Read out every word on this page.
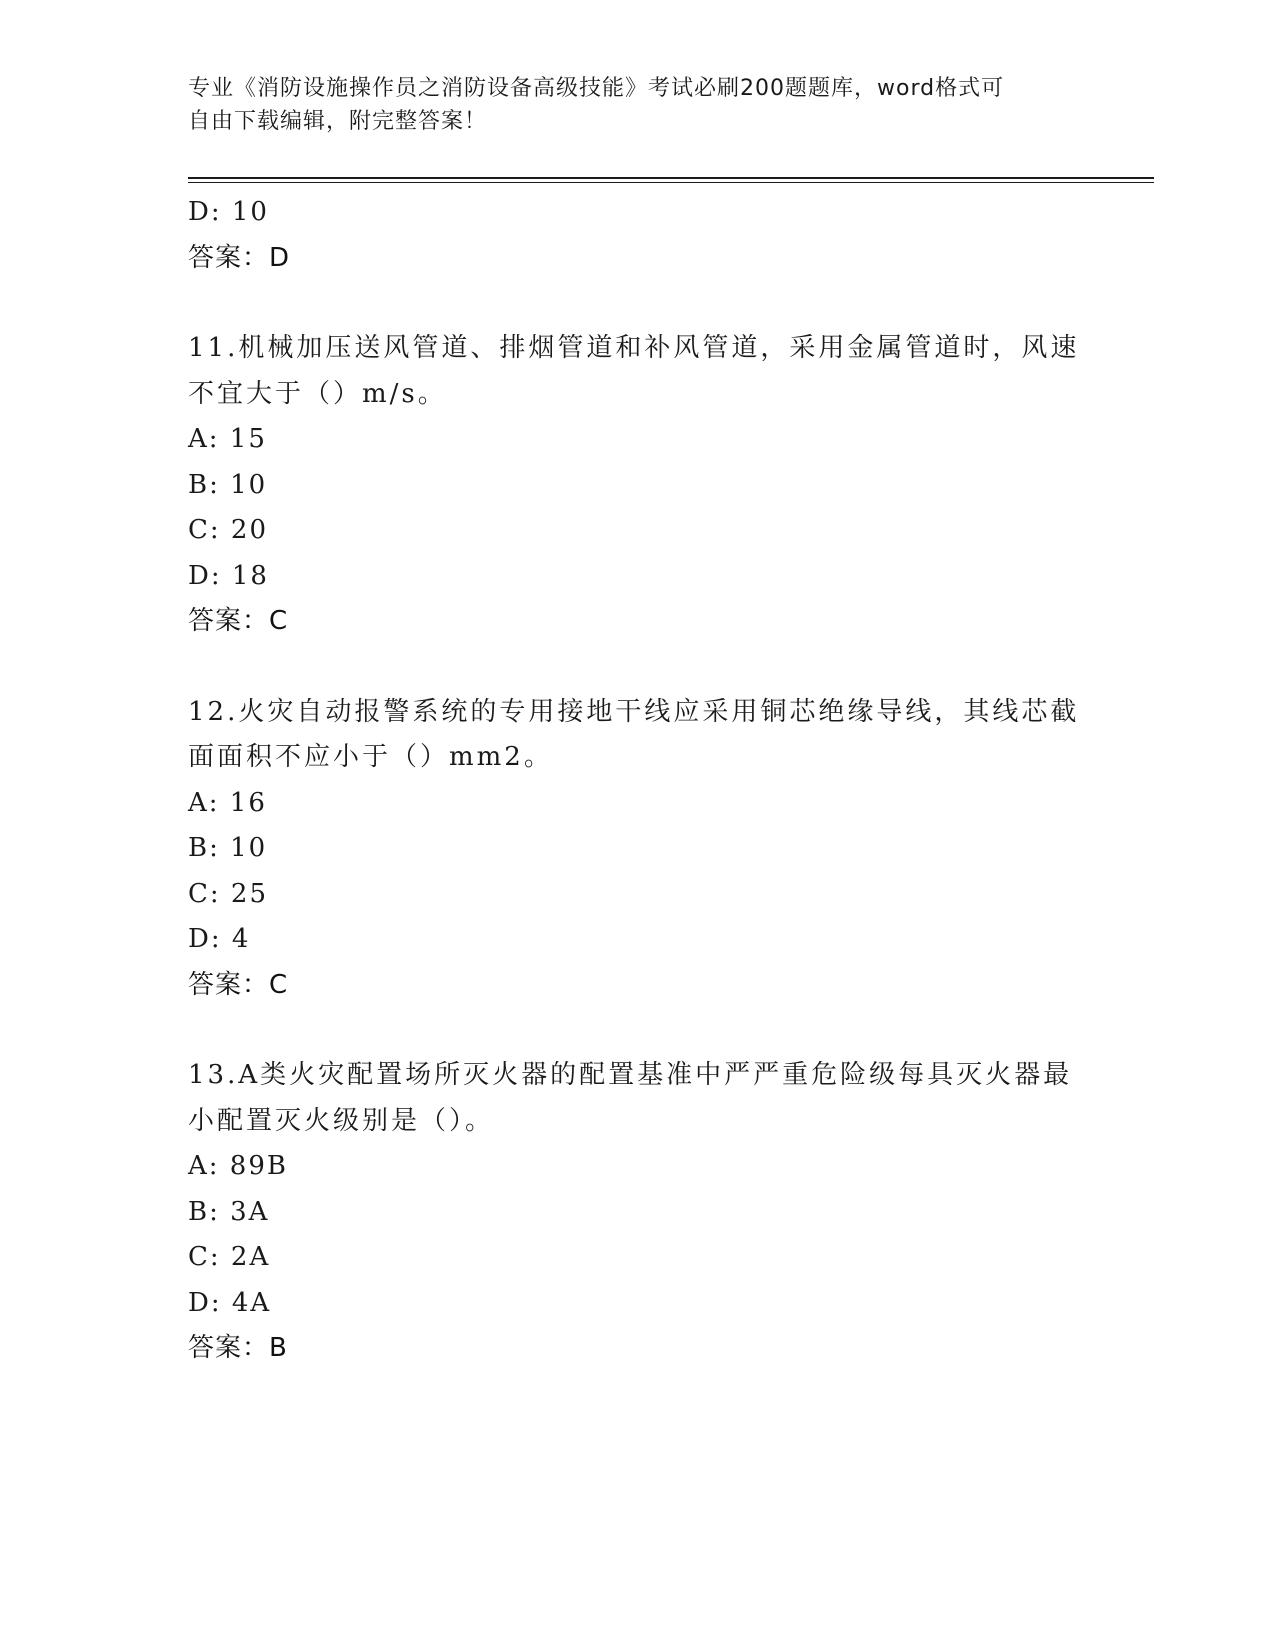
专业《消防设施操作员之消防设备高级技能》考试必刷200题题库，word格式可
自由下载编辑，附完整答案！
D: 10
答案：D
11.机械加压送风管道、排烟管道和补风管道，采用金属管道时，风速
不宜大于（）m/s。
A: 15
B: 10
C: 20
D: 18
答案：C
12.火灾自动报警系统的专用接地干线应采用铜芯绝缘导线，其线芯截
面面积不应小于（）mm2。
A: 16
B: 10
C: 25
D: 4
答案：C
13.A类火灾配置场所灭火器的配置基准中严严重危险级每具灭火器最
小配置灭火级别是（）。
A: 89B
B: 3A
C: 2A
D: 4A
答案：B
